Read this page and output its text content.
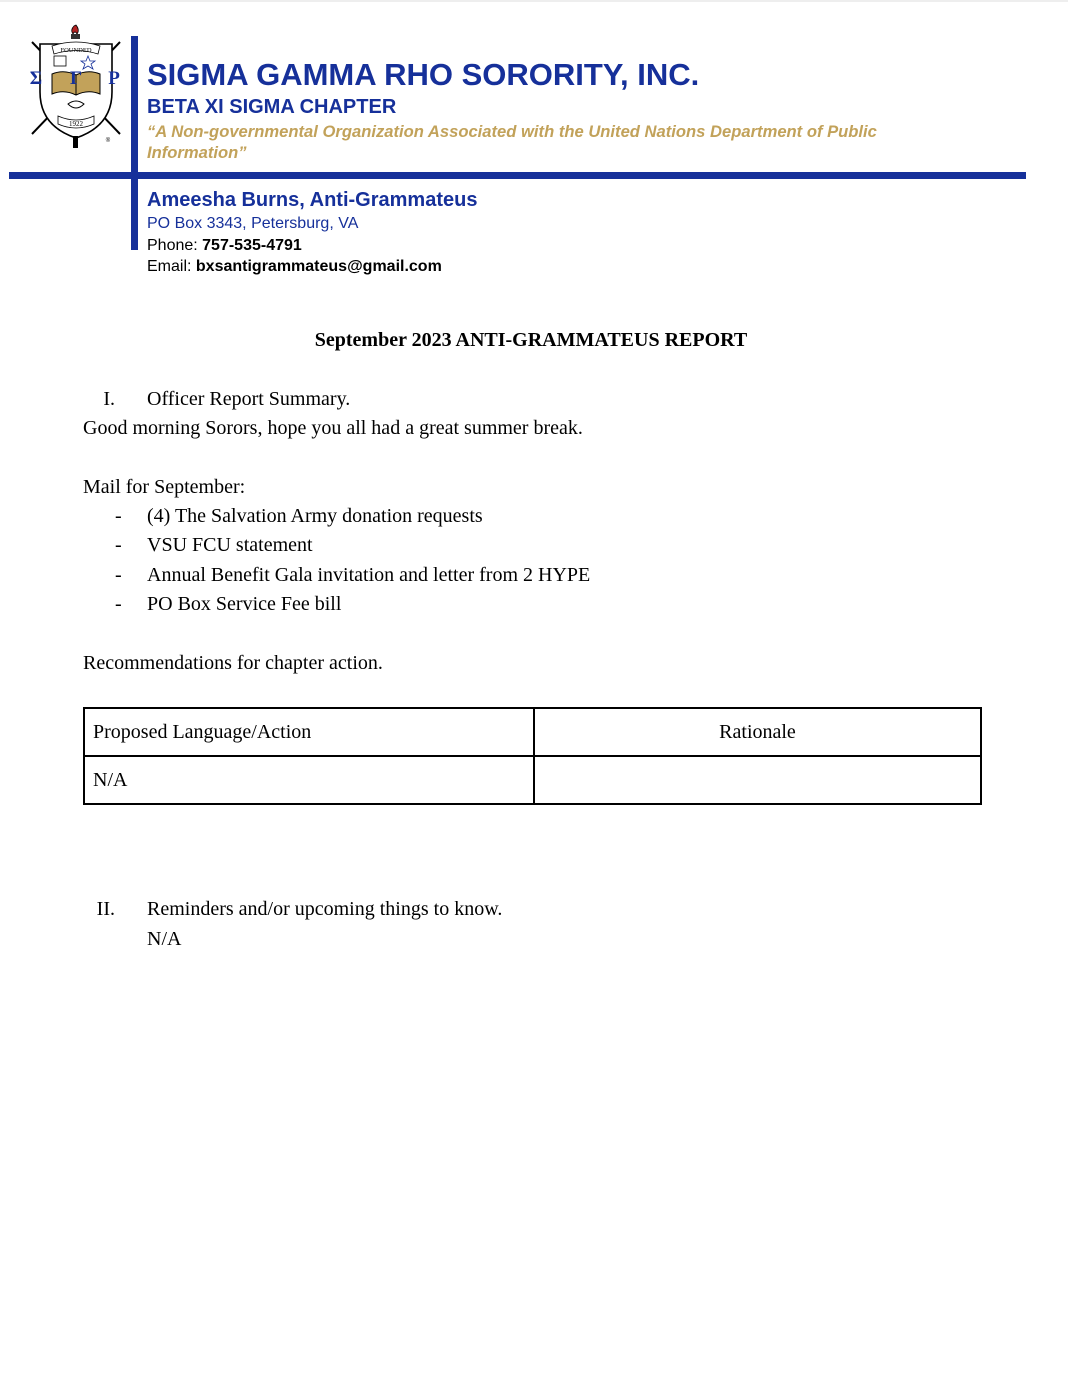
FOUNDED
1922
Σ Γ Ρ
®
SIGMA GAMMA RHO SORORITY, INC.
BETA XI SIGMA CHAPTER
“A Non-governmental Organization Associated with the United Nations Department of Public Information”
Ameesha Burns, Anti-Grammateus
PO Box 3343, Petersburg, VA
Phone: 757-535-4791
Email: bxsantigrammateus@gmail.com
September 2023 ANTI-GRAMMATEUS REPORT
I. Officer Report Summary.
Good morning Sorors, hope you all had a great summer break.
Mail for September:
- (4) The Salvation Army donation requests
- VSU FCU statement
- Annual Benefit Gala invitation and letter from 2 HYPE
- PO Box Service Fee bill
Recommendations for chapter action.
Proposed Language/Action	Rationale
N/A	
II. Reminders and/or upcoming things to know.
N/A
